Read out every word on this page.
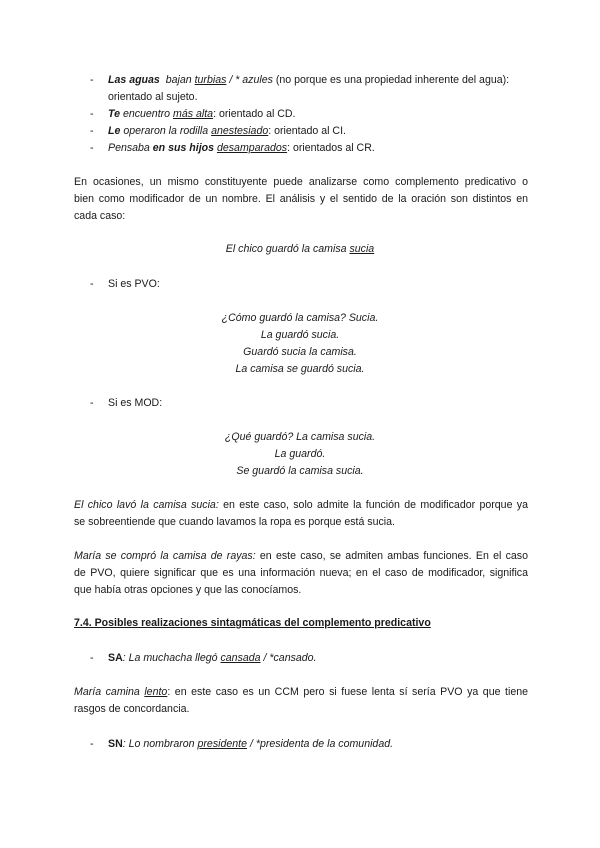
- Las aguas bajan turbias / * azules (no porque es una propiedad inherente del agua):
orientado al sujeto.
- Te encuentro más alta: orientado al CD.
- Le operaron la rodilla anestesiado: orientado al CI.
- Pensaba en sus hijos desamparados: orientados al CR.
En ocasiones, un mismo constituyente puede analizarse como complemento predicativo o
bien como modificador de un nombre. El análisis y el sentido de la oración son distintos en
cada caso:
El chico guardó la camisa sucia
- Si es PVO:
¿Cómo guardó la camisa? Sucia.
La guardó sucia.
Guardó sucia la camisa.
La camisa se guardó sucia.
- Si es MOD:
¿Qué guardó? La camisa sucia.
La guardó.
Se guardó la camisa sucia.
El chico lavó la camisa sucia: en este caso, solo admite la función de modificador porque ya
se sobreentiende que cuando lavamos la ropa es porque está sucia.
María se compró la camisa de rayas: en este caso, se admiten ambas funciones. En el caso
de PVO, quiere significar que es una información nueva; en el caso de modificador, significa
que había otras opciones y que las conocíamos.
7.4. Posibles realizaciones sintagmáticas del complemento predicativo
- SA: La muchacha llegó cansada / *cansado.
María camina lento: en este caso es un CCM pero si fuese lenta sí sería PVO ya que tiene
rasgos de concordancia.
- SN: Lo nombraron presidente / *presidenta de la comunidad.
